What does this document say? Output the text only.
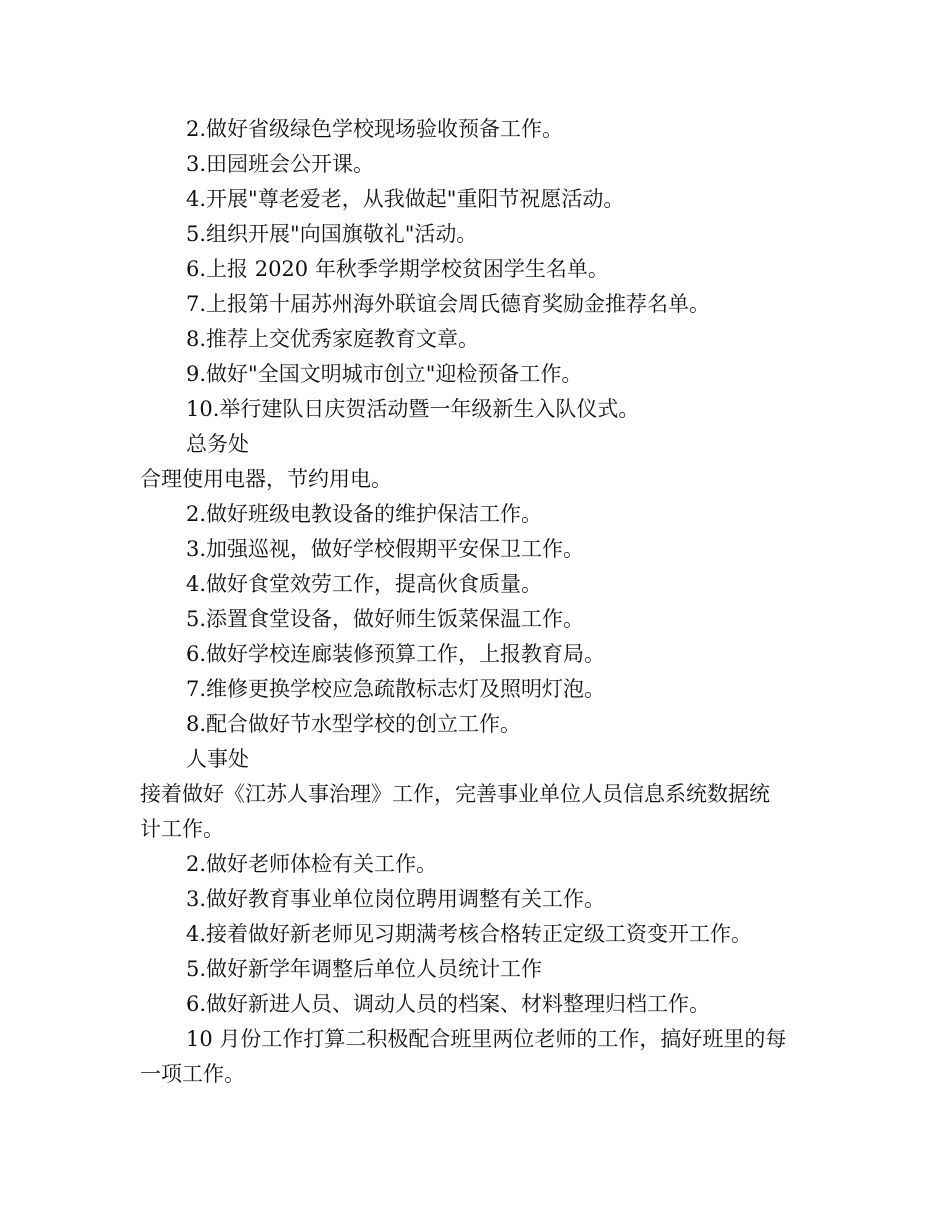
2.做好省级绿色学校现场验收预备工作。

3.田园班会公开课。

4.开展"尊老爱老，从我做起"重阳节祝愿活动。

5.组织开展"向国旗敬礼"活动。

6.上报 2020 年秋季学期学校贫困学生名单。

7.上报第十届苏州海外联谊会周氏德育奖励金推荐名单。

8.推荐上交优秀家庭教育文章。

9.做好"全国文明城市创立"迎检预备工作。

10.举行建队日庆贺活动暨一年级新生入队仪式。

总务处

合理使用电器，节约用电。

2.做好班级电教设备的维护保洁工作。

3.加强巡视，做好学校假期平安保卫工作。

4.做好食堂效劳工作，提高伙食质量。

5.添置食堂设备，做好师生饭菜保温工作。

6.做好学校连廊装修预算工作，上报教育局。

7.维修更换学校应急疏散标志灯及照明灯泡。

8.配合做好节水型学校的创立工作。

人事处

接着做好《江苏人事治理》工作，完善事业单位人员信息系统数据统

计工作。

2.做好老师体检有关工作。

3.做好教育事业单位岗位聘用调整有关工作。

4.接着做好新老师见习期满考核合格转正定级工资变开工作。

5.做好新学年调整后单位人员统计工作

6.做好新进人员、调动人员的档案、材料整理归档工作。

10 月份工作打算二积极配合班里两位老师的工作，搞好班里的每

一项工作。
